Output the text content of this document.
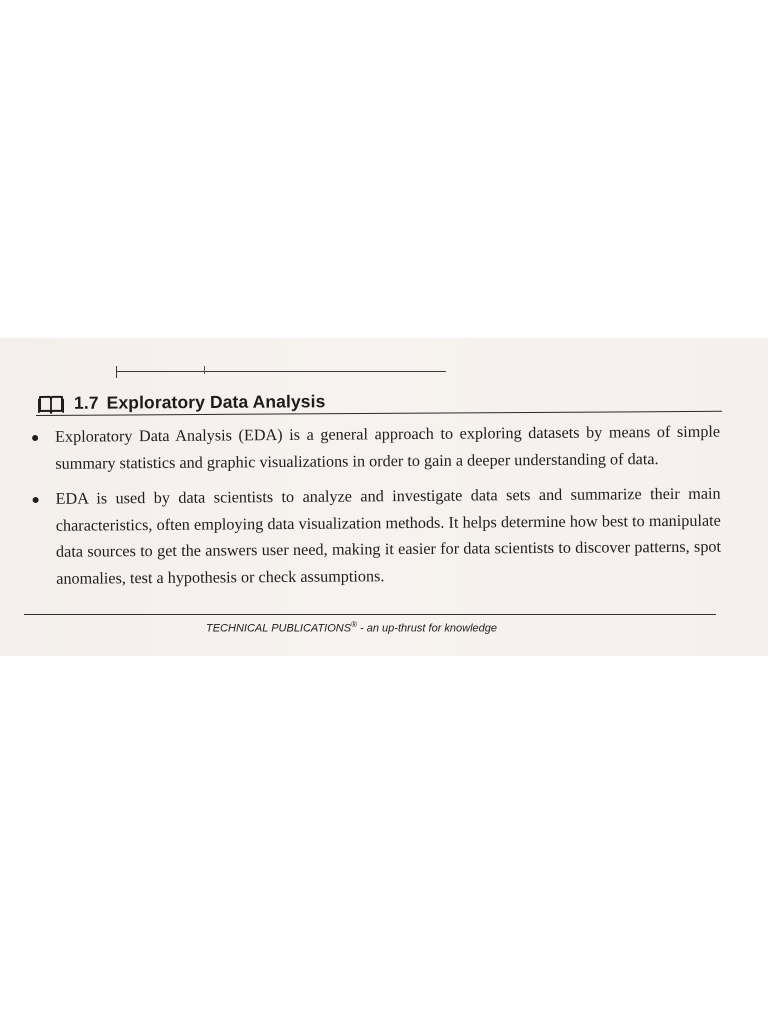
1.7 Exploratory Data Analysis
Exploratory Data Analysis (EDA) is a general approach to exploring datasets by means of simple summary statistics and graphic visualizations in order to gain a deeper understanding of data.
EDA is used by data scientists to analyze and investigate data sets and summarize their main characteristics, often employing data visualization methods. It helps determine how best to manipulate data sources to get the answers user need, making it easier for data scientists to discover patterns, spot anomalies, test a hypothesis or check assumptions.
TECHNICAL PUBLICATIONS® - an up-thrust for knowledge
